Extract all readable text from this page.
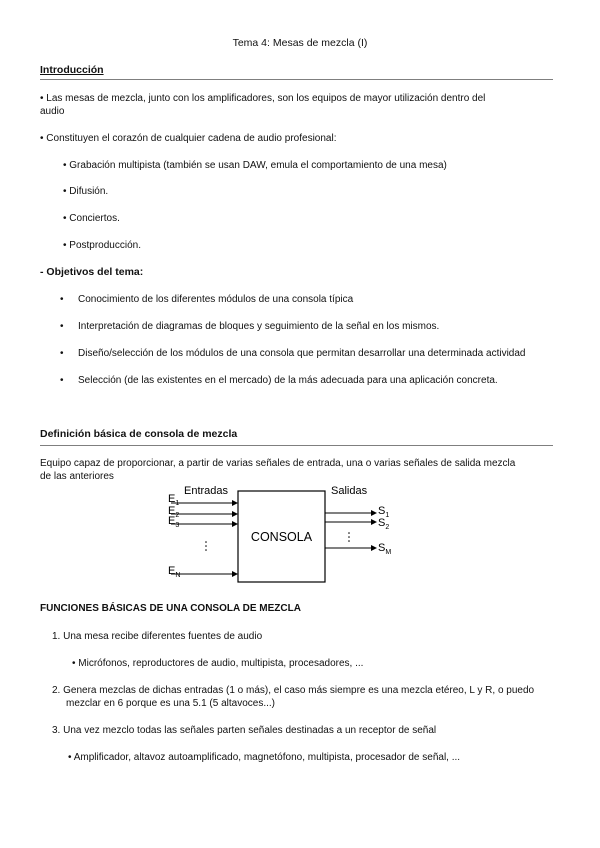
Tema 4: Mesas de mezcla (I)
Introducción
• Las mesas de mezcla, junto con los amplificadores, son los equipos de mayor utilización dentro del
audio
• Constituyen el corazón de cualquier cadena de audio profesional:
• Grabación multipista (también se usan DAW, emula el comportamiento de una mesa)
• Difusión.
• Conciertos.
• Postproducción.
- Objetivos del tema:
• Conocimiento de los diferentes módulos de una consola típica
• Interpretación de diagramas de bloques y seguimiento de la señal en los mismos.
• Diseño/selección de los módulos de una consola que permitan desarrollar una determinada actividad
• Selección (de las existentes en el mercado) de la más adecuada para una aplicación concreta.
Definición básica de consola de mezcla
Equipo capaz de proporcionar, a partir de varias señales de entrada, una o varias señales de salida mezcla
de las anteriores
Entradas	Salidas
CONSOLA
$E_1$
$E_2$
$E_3$
$E_N$
$S_1$
$S_2$
$S_M$
FUNCIONES BÁSICAS DE UNA CONSOLA DE MEZCLA
1. Una mesa recibe diferentes fuentes de audio
• Micrófonos, reproductores de audio, multipista, procesadores, ...
2. Genera mezclas de dichas entradas (1 o más), el caso más siempre es una mezcla etéreo, L y R, o puedo
mezclar en 6 porque es una 5.1 (5 altavoces...)
3. Una vez mezclo todas las señales parten señales destinadas a un receptor de señal
• Amplificador, altavoz autoamplificado, magnetófono, multipista, procesador de señal, ...
